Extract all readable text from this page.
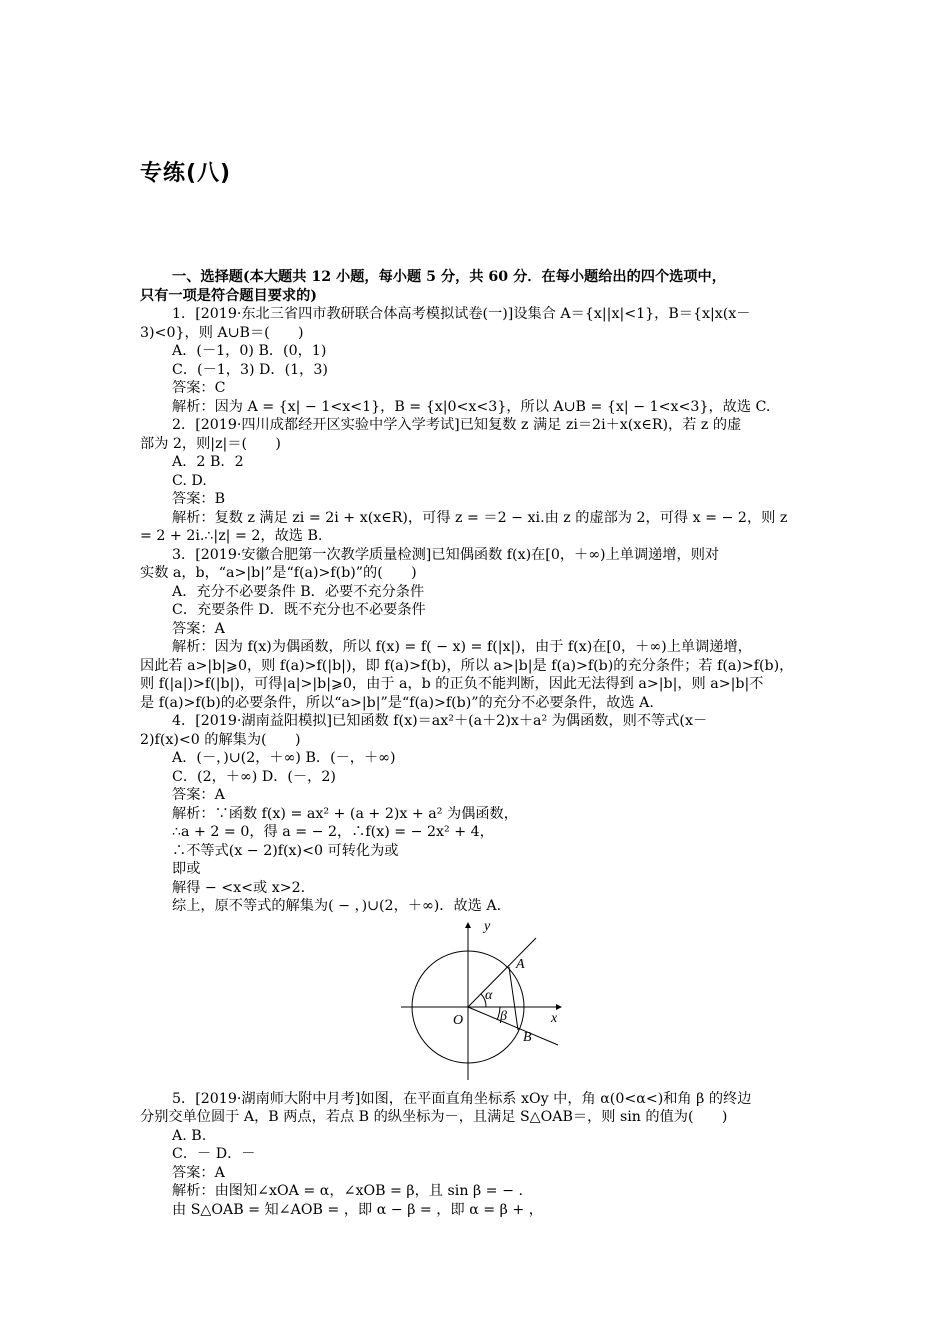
专练(八)
一、选择题(本大题共 12 小题，每小题 5 分，共 60 分．在每小题给出的四个选项中，
只有一项是符合题目要求的)
1．[2019·东北三省四市教研联合体高考模拟试卷(一)]设集合 A＝{x||x|<1}，B＝{x|x(x－
3)<0}，则 A∪B＝(　　)
A．(－1，0) B．(0，1)
C．(－1，3) D．(1，3)
答案：C
解析：因为 A = {x| − 1<x<1}，B = {x|0<x<3}，所以 A∪B = {x| − 1<x<3}，故选 C.
2．[2019·四川成都经开区实验中学入学考试]已知复数 z 满足 zi＝2i＋x(x∈R)，若 z 的虚
部为 2，则|z|＝(　　)
A．2 B．2
C. D.
答案：B
解析：复数 z 满足 zi = 2i + x(x∈R)，可得 z = ＝2 − xi.由 z 的虚部为 2，可得 x = − 2，则 z
= 2 + 2i.∴|z| = 2，故选 B.
3．[2019·安徽合肥第一次教学质量检测]已知偶函数 f(x)在[0，＋∞)上单调递增，则对
实数 a，b，“a>|b|”是“f(a)>f(b)”的(　　)
A．充分不必要条件 B．必要不充分条件
C．充要条件 D．既不充分也不必要条件
答案：A
解析：因为 f(x)为偶函数，所以 f(x) = f( − x) = f(|x|)，由于 f(x)在[0，＋∞)上单调递增，
因此若 a>|b|⩾0，则 f(a)>f(|b|)，即 f(a)>f(b)，所以 a>|b|是 f(a)>f(b)的充分条件；若 f(a)>f(b)，
则 f(|a|)>f(|b|)，可得|a|>|b|⩾0，由于 a，b 的正负不能判断，因此无法得到 a>|b|，则 a>|b|不
是 f(a)>f(b)的必要条件，所以“a>|b|”是“f(a)>f(b)”的充分不必要条件，故选 A.
4．[2019·湖南益阳模拟]已知函数 f(x)＝ax²＋(a＋2)x＋a² 为偶函数，则不等式(x－
2)f(x)<0 的解集为(　　)
A．(－，)∪(2，＋∞) B．(－，＋∞)
C．(2，＋∞) D．(－，2)
答案：A
解析：∵函数 f(x) = ax² + (a + 2)x + a² 为偶函数，
∴a + 2 = 0，得 a = − 2，∴f(x) = − 2x² + 4，
∴不等式(x − 2)f(x)<0 可转化为或
即或
解得 − <x<或 x>2.
综上，原不等式的解集为( − ，)∪(2，＋∞)．故选 A.
y
x
O
A
B
α
β
5．[2019·湖南师大附中月考]如图，在平面直角坐标系 xOy 中，角 α(0<α<)和角 β 的终边
分别交单位圆于 A，B 两点，若点 B 的纵坐标为－，且满足 S△OAB＝，则 sin 的值为(　　)
A. B.
C．－ D．－
答案：A
解析：由图知∠xOA = α，∠xOB = β，且 sin β = − .
由 S△OAB = 知∠AOB = ，即 α − β = ，即 α = β + ，
